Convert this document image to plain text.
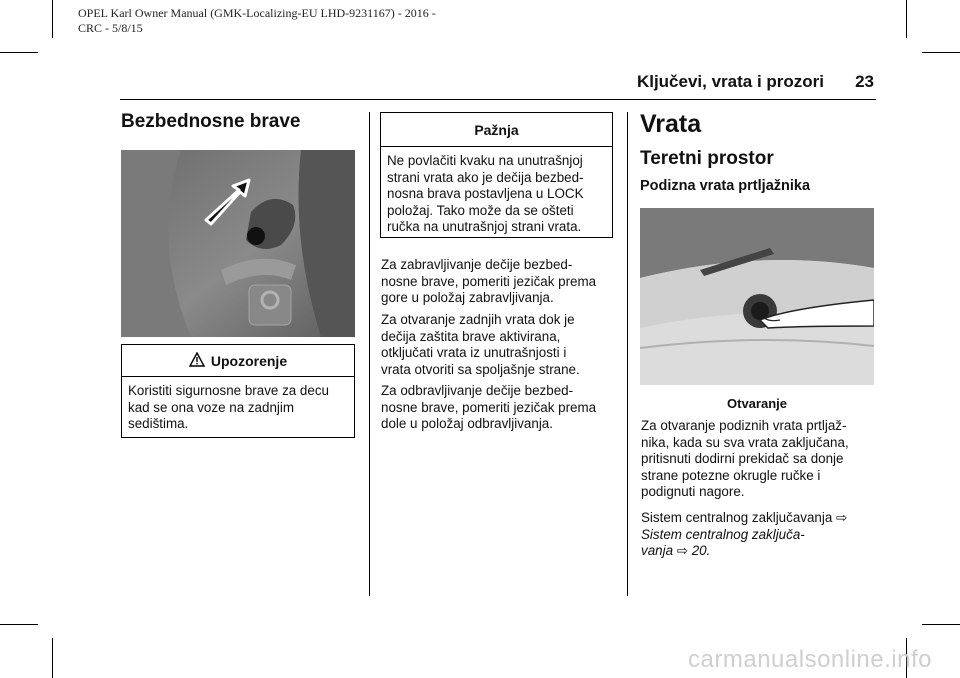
OPEL Karl Owner Manual (GMK-Localizing-EU LHD-9231167) - 2016 -
CRC - 5/8/15
Ključevi, vrata i prozori 23
Bezbednosne brave
Upozorenje
Koristiti sigurnosne brave za decu
kad se ona voze na zadnjim
sedištima.
Pažnja
Ne povlačiti kvaku na unutrašnjoj
strani vrata ako je dečija bezbed-
nosna brava postavljena u LOCK
položaj. Tako može da se ošteti
ručka na unutrašnjoj strani vrata.
Za zabravljivanje dečije bezbed-
nosne brave, pomeriti jezičak prema
gore u položaj zabravljivanja.
Za otvaranje zadnjih vrata dok je
dečija zaštita brave aktivirana,
otključati vrata iz unutrašnjosti i
vrata otvoriti sa spoljašnje strane.
Za odbravljivanje dečije bezbed-
nosne brave, pomeriti jezičak prema
dole u položaj odbravljivanja.
Vrata
Teretni prostor
Podizna vrata prtljažnika
Otvaranje
Za otvaranje podiznih vrata prtljaž-
nika, kada su sva vrata zaključana,
pritisnuti dodirni prekidač sa donje
strane potezne okrugle ručke i
podignuti nagore.
Sistem centralnog zaključavanja ⇨
Sistem centralnog zaključa-
vanja ⇨ 20.
carmanualsonline.info
